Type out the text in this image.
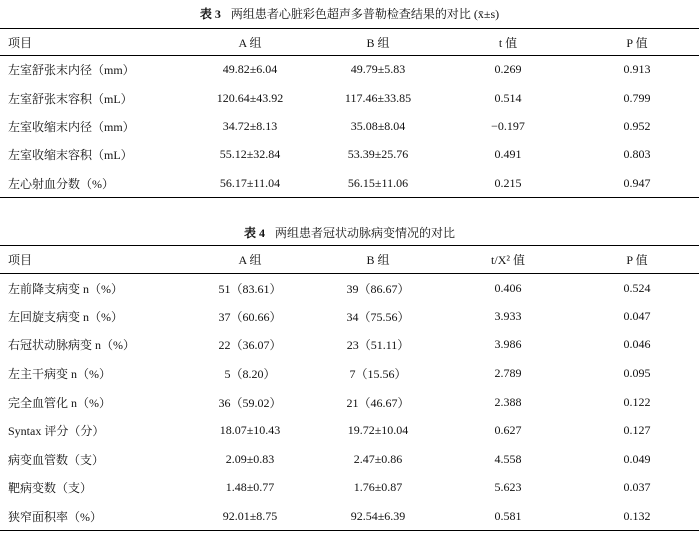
表 3 两组患者心脏彩色超声多普勒检查结果的对比 (x̄±s)
项目	A 组	B 组	t 值	P 值
左室舒张末内径（mm）	49.82±6.04	49.79±5.83	0.269	0.913
左室舒张末容积（mL）	120.64±43.92	117.46±33.85	0.514	0.799
左室收缩末内径（mm）	34.72±8.13	35.08±8.04	−0.197	0.952
左室收缩末容积（mL）	55.12±32.84	53.39±25.76	0.491	0.803
左心射血分数（%）	56.17±11.04	56.15±11.06	0.215	0.947
表 4 两组患者冠状动脉病变情况的对比
项目	A 组	B 组	t/X² 值	P 值
左前降支病变 n（%）	51（83.61）	39（86.67）	0.406	0.524
左回旋支病变 n（%）	37（60.66）	34（75.56）	3.933	0.047
右冠状动脉病变 n（%）	22（36.07）	23（51.11）	3.986	0.046
左主干病变 n（%）	5（8.20）	7（15.56）	2.789	0.095
完全血管化 n（%）	36（59.02）	21（46.67）	2.388	0.122
Syntax 评分（分）	18.07±10.43	19.72±10.04	0.627	0.127
病变血管数（支）	2.09±0.83	2.47±0.86	4.558	0.049
靶病变数（支）	1.48±0.77	1.76±0.87	5.623	0.037
狭窄面积率（%）	92.01±8.75	92.54±6.39	0.581	0.132
